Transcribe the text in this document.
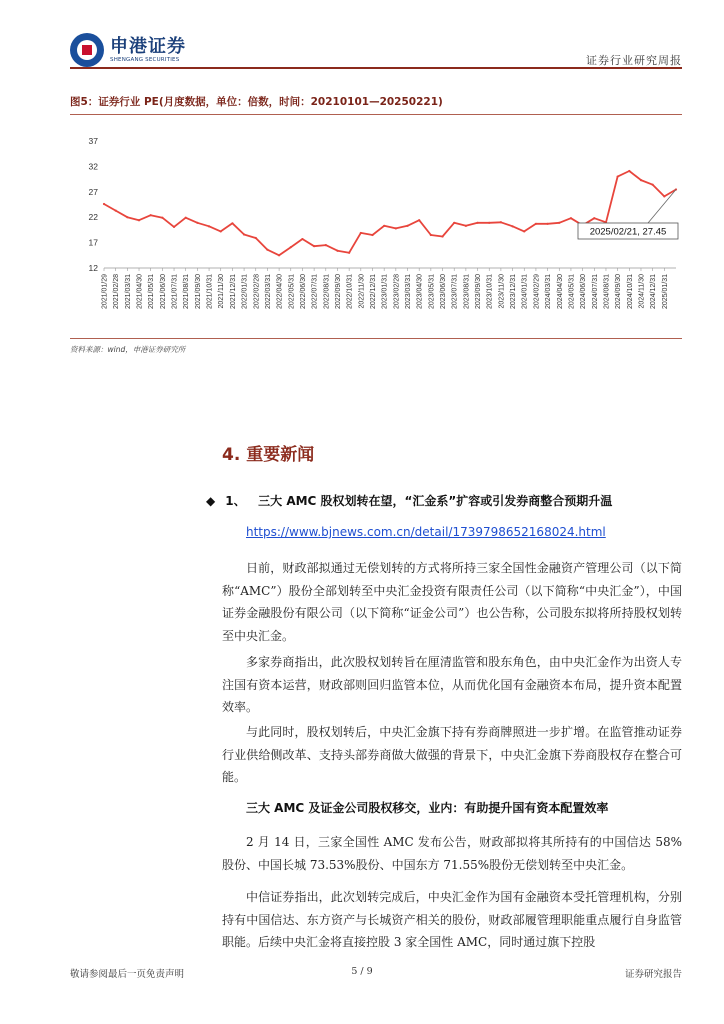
申港证券
SHENGANG SECURITIES	证券行业研究周报
图5：证券行业 PE(月度数据，单位：倍数，时间：20210101—20250221)
12
17
22
27
32
37
2021/01/29 2021/02/28 2021/03/31 2021/04/30 2021/05/31 2021/06/30 2021/07/31 2021/08/31 2021/09/30 2021/10/31 2021/11/30 2021/12/31 2022/01/31 2022/02/28 2022/03/31 2022/04/30 2022/05/31 2022/06/30 2022/07/31 2022/08/31 2022/09/30 2022/10/31 2022/11/30 2022/12/31 2023/01/31 2023/02/28 2023/03/31 2023/04/30 2023/05/31 2023/06/30 2023/07/31 2023/08/31 2023/09/30 2023/10/31 2023/11/30 2023/12/31 2024/01/31 2024/02/29 2024/03/31 2024/04/30 2024/05/31 2024/06/30 2024/07/31 2024/08/31 2024/09/30 2024/10/31 2024/11/30 2024/12/31 2025/01/31
2025/02/21, 27.45
资料来源：wind，申港证券研究所
4. 重要新闻
◆ 1、 三大 AMC 股权划转在望，“汇金系”扩容或引发券商整合预期升温
https://www.bjnews.com.cn/detail/1739798652168024.html
日前，财政部拟通过无偿划转的方式将所持三家全国性金融资产管理公司（以下简称“AMC”）股份全部划转至中央汇金投资有限责任公司（以下简称“中央汇金”），中国证券金融股份有限公司（以下简称“证金公司”）也公告称，公司股东拟将所持股权划转至中央汇金。
多家券商指出，此次股权划转旨在厘清监管和股东角色，由中央汇金作为出资人专注国有资本运营，财政部则回归监管本位，从而优化国有金融资本布局，提升资本配置效率。
与此同时，股权划转后，中央汇金旗下持有券商牌照进一步扩增。在监管推动证券行业供给侧改革、支持头部券商做大做强的背景下，中央汇金旗下券商股权存在整合可能。
三大 AMC 及证金公司股权移交，业内：有助提升国有资本配置效率
2 月 14 日，三家全国性 AMC 发布公告，财政部拟将其所持有的中国信达 58%股份、中国长城 73.53%股份、中国东方 71.55%股份无偿划转至中央汇金。
中信证券指出，此次划转完成后，中央汇金作为国有金融资本受托管理机构，分别持有中国信达、东方资产与长城资产相关的股份，财政部履管理职能重点履行自身监管职能。后续中央汇金将直接控股 3 家全国性 AMC，同时通过旗下控股
敬请参阅最后一页免责声明	5 / 9	证券研究报告
